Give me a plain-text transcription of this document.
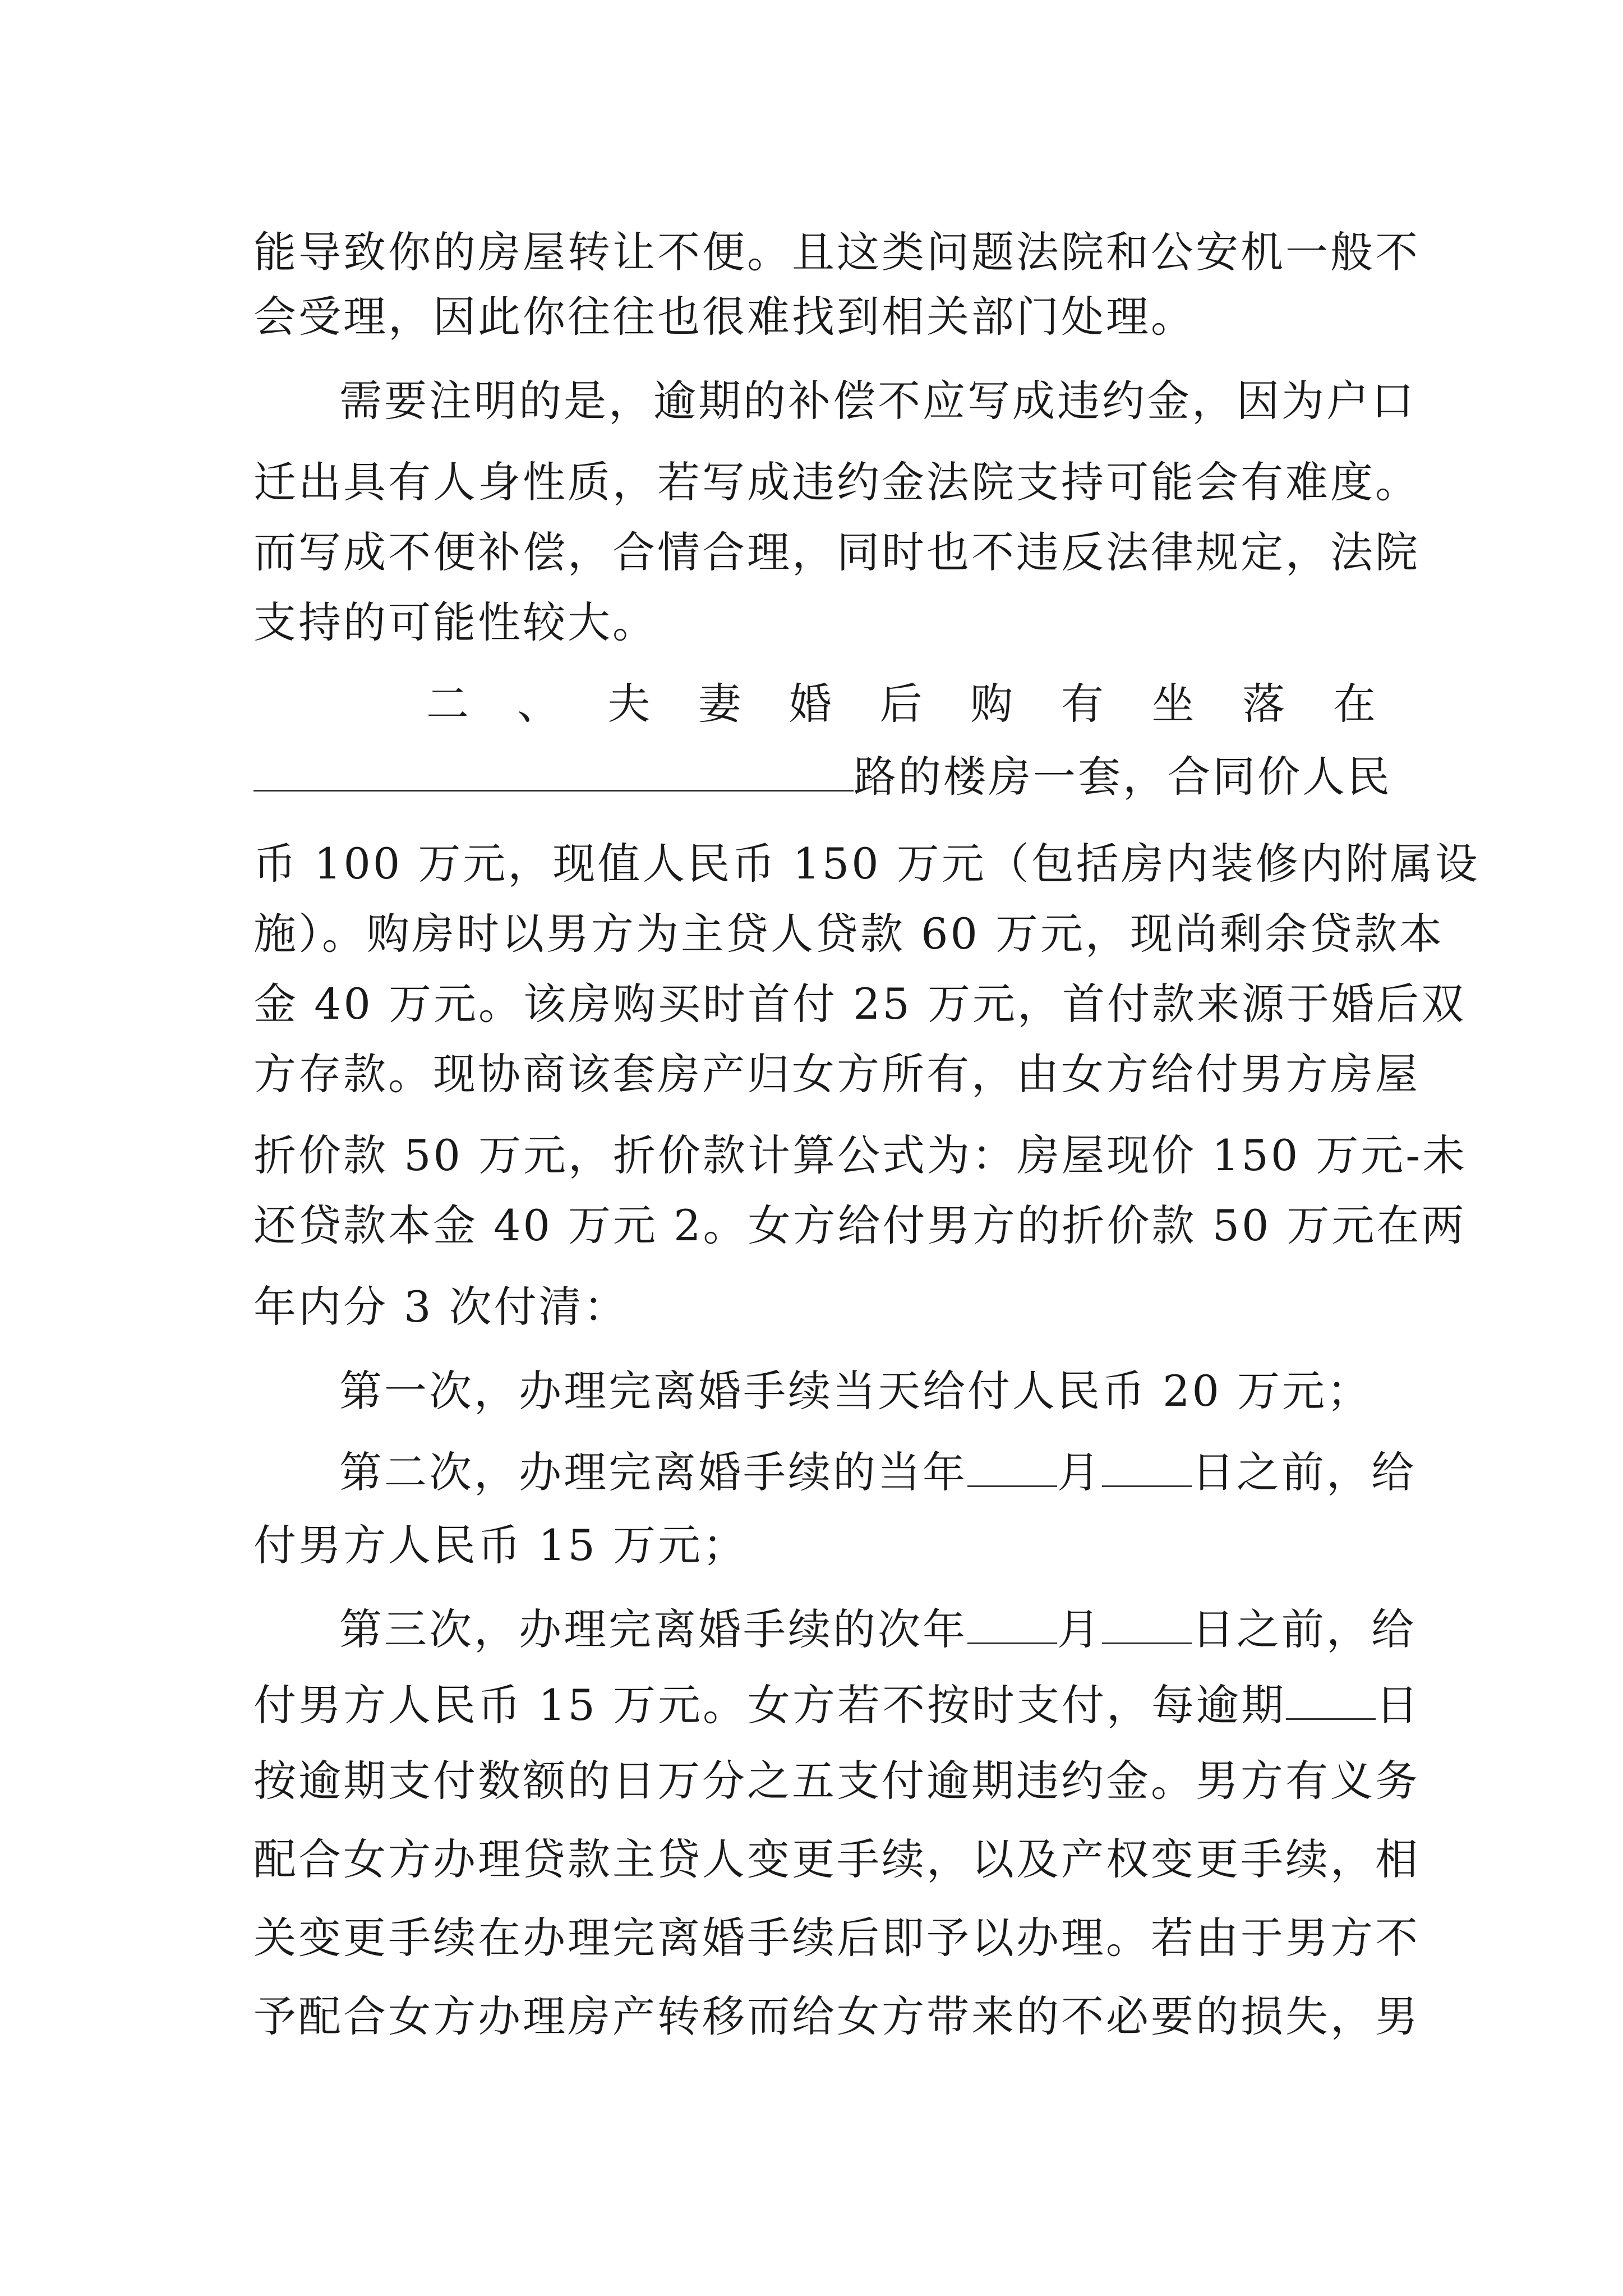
能导致你的房屋转让不便。且这类问题法院和公安机一般不
会受理，因此你往往也很难找到相关部门处理。
需要注明的是，逾期的补偿不应写成违约金，因为户口
迁出具有人身性质，若写成违约金法院支持可能会有难度。
而写成不便补偿，合情合理，同时也不违反法律规定，法院
支持的可能性较大。
二 、 夫 妻 婚 后 购 有 坐 落 在
路的楼房一套，合同价人民
币 100 万元，现值人民币 150 万元（包括房内装修内附属设
施）。购房时以男方为主贷人贷款 60 万元，现尚剩余贷款本
金 40 万元。该房购买时首付 25 万元，首付款来源于婚后双
方存款。现协商该套房产归女方所有，由女方给付男方房屋
折价款 50 万元，折价款计算公式为：房屋现价 150 万元-未
还贷款本金 40 万元 2。女方给付男方的折价款 50 万元在两
年内分 3 次付清：
第一次，办理完离婚手续当天给付人民币 20 万元；
第二次，办理完离婚手续的当年 月 日之前，给
付男方人民币 15 万元；
第三次，办理完离婚手续的次年 月 日之前，给
付男方人民币 15 万元。女方若不按时支付，每逾期 日
按逾期支付数额的日万分之五支付逾期违约金。男方有义务
配合女方办理贷款主贷人变更手续，以及产权变更手续，相
关变更手续在办理完离婚手续后即予以办理。若由于男方不
予配合女方办理房产转移而给女方带来的不必要的损失，男
